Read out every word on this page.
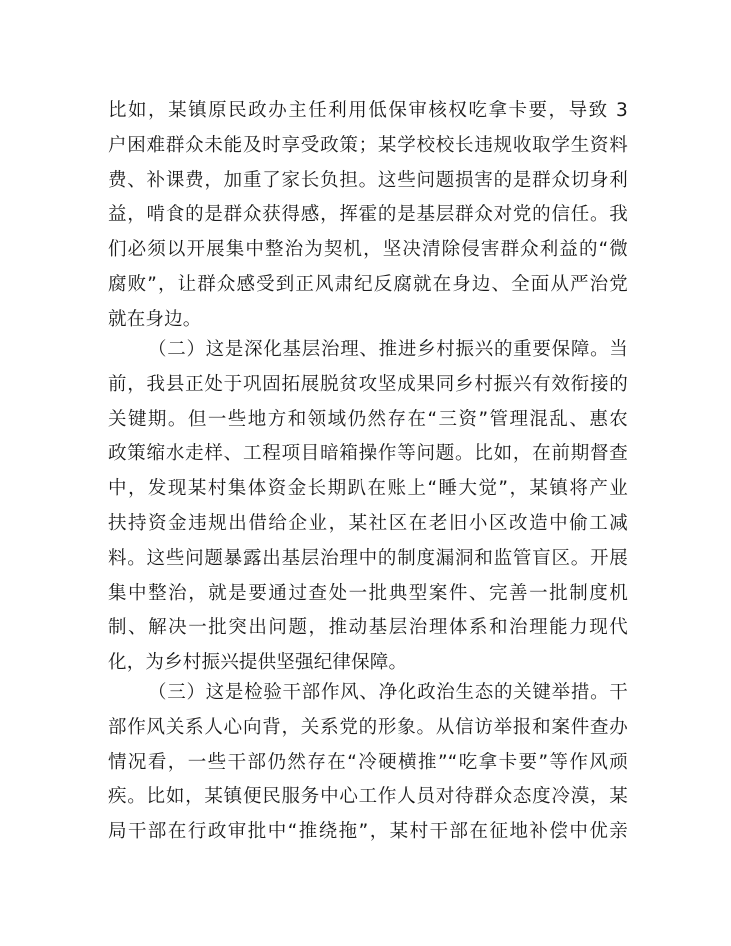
比如，某镇原民政办主任利用低保审核权吃拿卡要，导致 3
户困难群众未能及时享受政策；某学校校长违规收取学生资料
费、补课费，加重了家长负担。这些问题损害的是群众切身利
益，啃食的是群众获得感，挥霍的是基层群众对党的信任。我
们必须以开展集中整治为契机，坚决清除侵害群众利益的“微
腐败”，让群众感受到正风肃纪反腐就在身边、全面从严治党
就在身边。
（二）这是深化基层治理、推进乡村振兴的重要保障。当
前，我县正处于巩固拓展脱贫攻坚成果同乡村振兴有效衔接的
关键期。但一些地方和领域仍然存在“三资”管理混乱、惠农
政策缩水走样、工程项目暗箱操作等问题。比如，在前期督查
中，发现某村集体资金长期趴在账上“睡大觉”，某镇将产业
扶持资金违规出借给企业，某社区在老旧小区改造中偷工减
料。这些问题暴露出基层治理中的制度漏洞和监管盲区。开展
集中整治，就是要通过查处一批典型案件、完善一批制度机
制、解决一批突出问题，推动基层治理体系和治理能力现代
化，为乡村振兴提供坚强纪律保障。
（三）这是检验干部作风、净化政治生态的关键举措。干
部作风关系人心向背，关系党的形象。从信访举报和案件查办
情况看，一些干部仍然存在“冷硬横推”“吃拿卡要”等作风顽
疾。比如，某镇便民服务中心工作人员对待群众态度冷漠，某
局干部在行政审批中“推绕拖”，某村干部在征地补偿中优亲
